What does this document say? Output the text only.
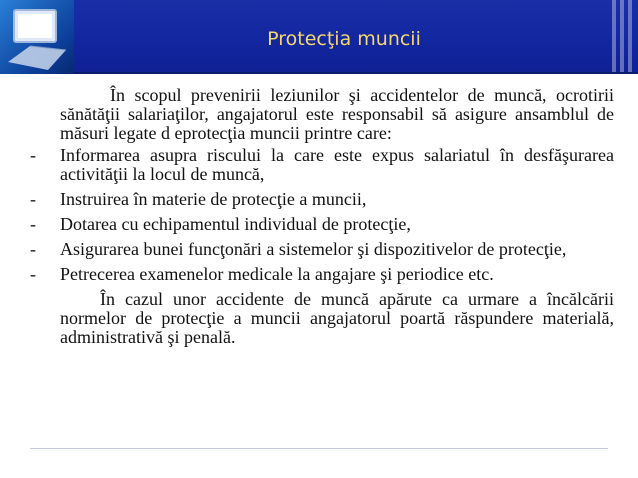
Protecţia muncii

În scopul prevenirii leziunilor şi accidentelor de muncă, ocrotirii sănătăţii salariaţilor, angajatorul este responsabil să asigure ansamblul de măsuri legate d eprotecţia muncii printre care:

- Informarea asupra riscului la care este expus salariatul în desfăşurarea activităţii la locul de muncă,
- Instruirea în materie de protecţie a muncii,
- Dotarea cu echipamentul individual de protecţie,
- Asigurarea bunei funcţonări a sistemelor şi dispozitivelor de protecţie,
- Petrecerea examenelor medicale la angajare şi periodice etc.

În cazul unor accidente de muncă apărute ca urmare a încălcării normelor de protecţie a muncii angajatorul poartă răspundere materială, administrativă şi penală.
